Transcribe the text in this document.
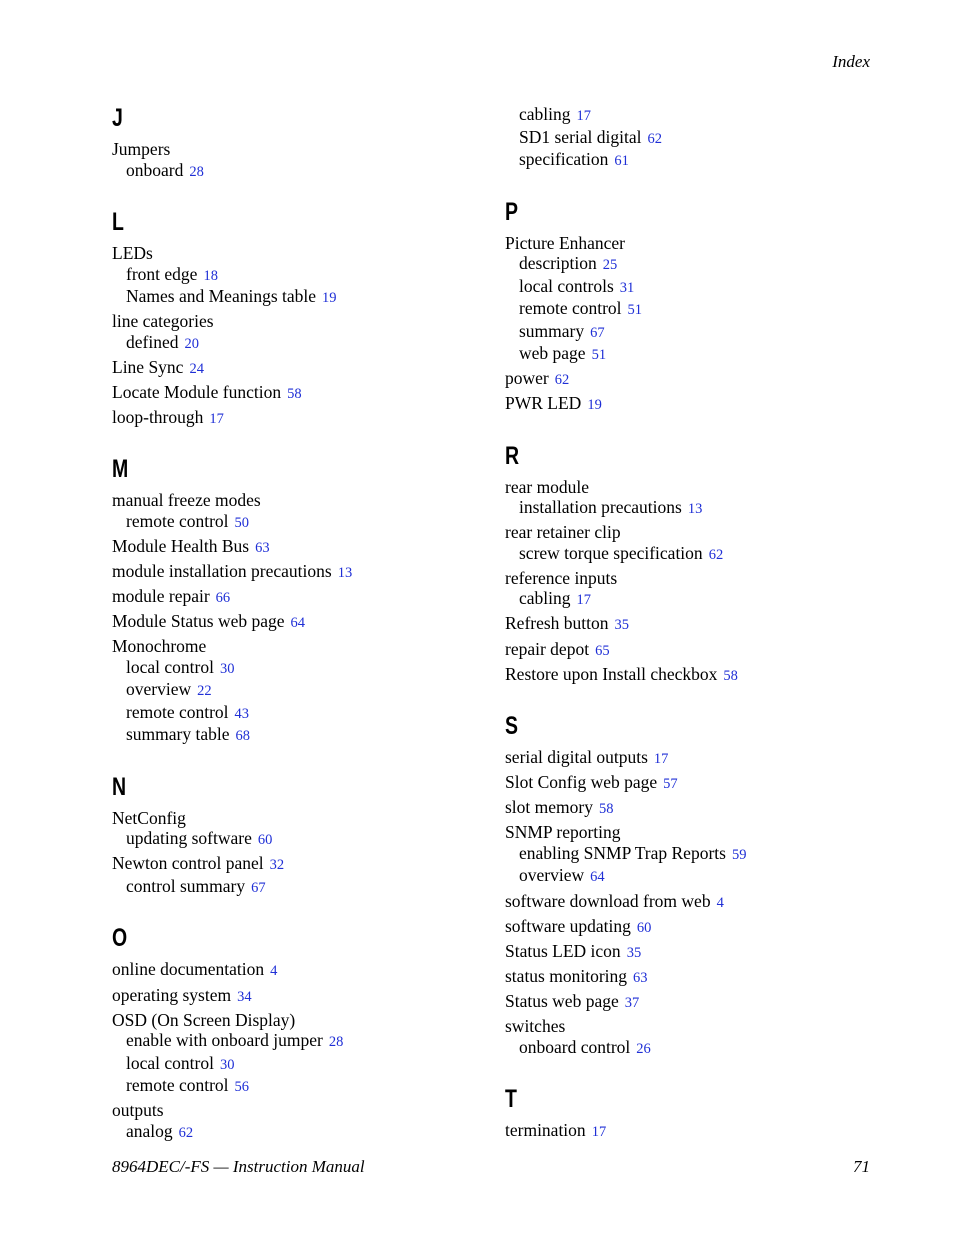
Index
J
Jumpers
onboard 28
L
LEDs
front edge 18
Names and Meanings table 19
line categories
defined 20
Line Sync 24
Locate Module function 58
loop-through 17
M
manual freeze modes
remote control 50
Module Health Bus 63
module installation precautions 13
module repair 66
Module Status web page 64
Monochrome
local control 30
overview 22
remote control 43
summary table 68
N
NetConfig
updating software 60
Newton control panel 32
control summary 67
O
online documentation 4
operating system 34
OSD (On Screen Display)
enable with onboard jumper 28
local control 30
remote control 56
outputs
analog 62
cabling 17
SD1 serial digital 62
specification 61
P
Picture Enhancer
description 25
local controls 31
remote control 51
summary 67
web page 51
power 62
PWR LED 19
R
rear module
installation precautions 13
rear retainer clip
screw torque specification 62
reference inputs
cabling 17
Refresh button 35
repair depot 65
Restore upon Install checkbox 58
S
serial digital outputs 17
Slot Config web page 57
slot memory 58
SNMP reporting
enabling SNMP Trap Reports 59
overview 64
software download from web 4
software updating 60
Status LED icon 35
status monitoring 63
Status web page 37
switches
onboard control 26
T
termination 17
8964DEC/-FS — Instruction Manual	71
